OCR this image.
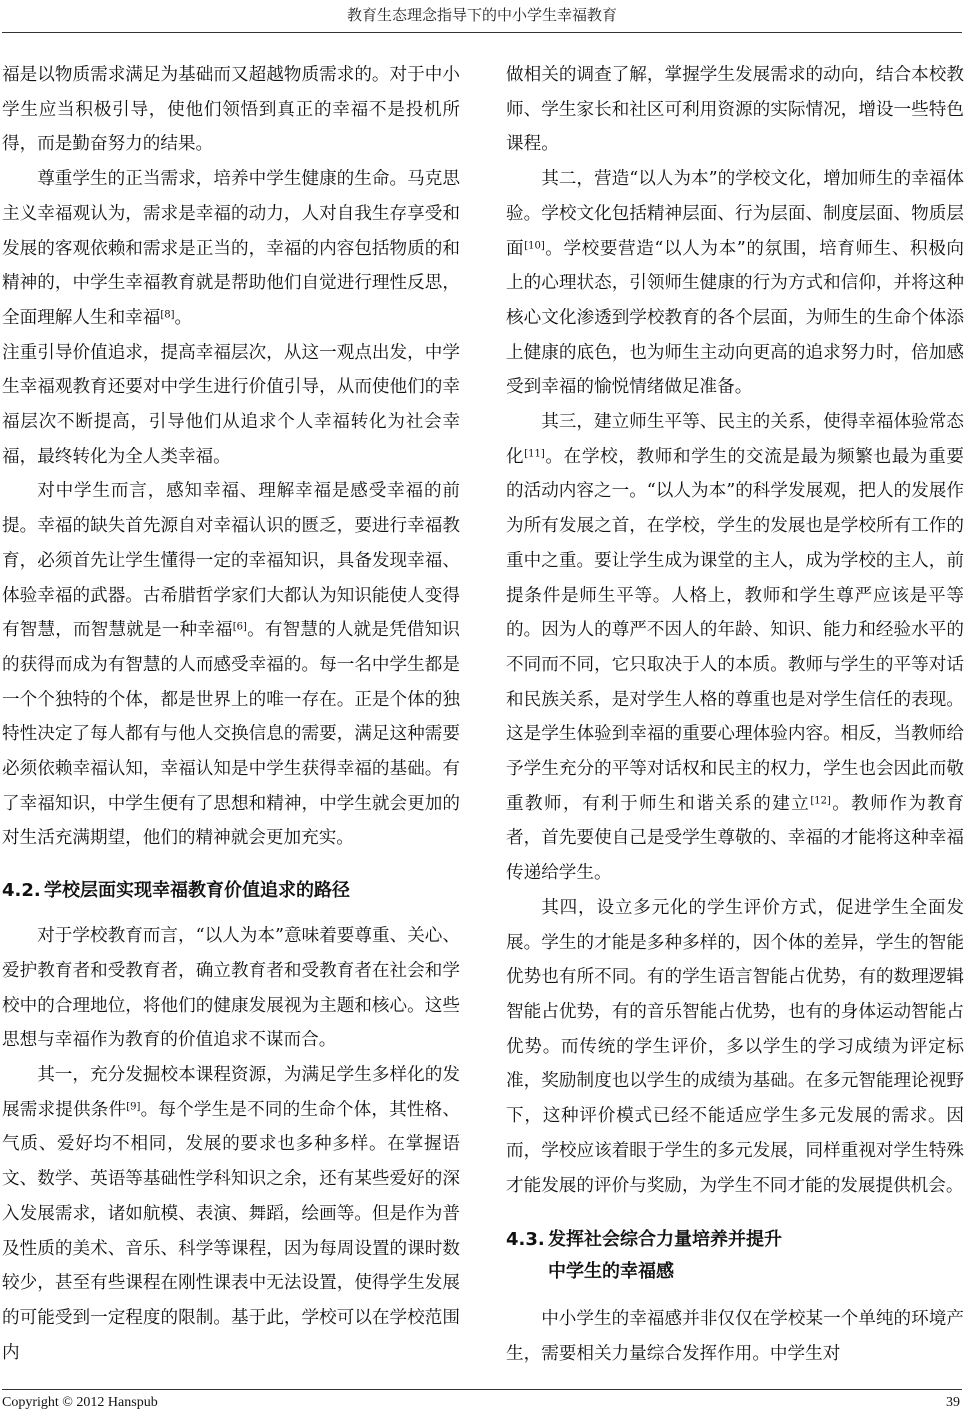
教育生态理念指导下的中小学生幸福教育

福是以物质需求满足为基础而又超越物质需求的。对于中小学生应当积极引导，使他们领悟到真正的幸福不是投机所得，而是勤奋努力的结果。

尊重学生的正当需求，培养中学生健康的生命。马克思主义幸福观认为，需求是幸福的动力，人对自我生存享受和发展的客观依赖和需求是正当的，幸福的内容包括物质的和精神的，中学生幸福教育就是帮助他们自觉进行理性反思，全面理解人生和幸福[8]。

注重引导价值追求，提高幸福层次，从这一观点出发，中学生幸福观教育还要对中学生进行价值引导，从而使他们的幸福层次不断提高，引导他们从追求个人幸福转化为社会幸福，最终转化为全人类幸福。

对中学生而言，感知幸福、理解幸福是感受幸福的前提。幸福的缺失首先源自对幸福认识的匮乏，要进行幸福教育，必须首先让学生懂得一定的幸福知识，具备发现幸福、体验幸福的武器。古希腊哲学家们大都认为知识能使人变得有智慧，而智慧就是一种幸福[6]。有智慧的人就是凭借知识的获得而成为有智慧的人而感受幸福的。每一名中学生都是一个个独特的个体，都是世界上的唯一存在。正是个体的独特性决定了每人都有与他人交换信息的需要，满足这种需要必须依赖幸福认知，幸福认知是中学生获得幸福的基础。有了幸福知识，中学生便有了思想和精神，中学生就会更加的对生活充满期望，他们的精神就会更加充实。

4.2. 学校层面实现幸福教育价值追求的路径

对于学校教育而言，“以人为本”意味着要尊重、关心、爱护教育者和受教育者，确立教育者和受教育者在社会和学校中的合理地位，将他们的健康发展视为主题和核心。这些思想与幸福作为教育的价值追求不谋而合。

其一，充分发掘校本课程资源，为满足学生多样化的发展需求提供条件[9]。每个学生是不同的生命个体，其性格、气质、爱好均不相同，发展的要求也多种多样。在掌握语文、数学、英语等基础性学科知识之余，还有某些爱好的深入发展需求，诸如航模、表演、舞蹈，绘画等。但是作为普及性质的美术、音乐、科学等课程，因为每周设置的课时数较少，甚至有些课程在刚性课表中无法设置，使得学生发展的可能受到一定程度的限制。基于此，学校可以在学校范围内

做相关的调查了解，掌握学生发展需求的动向，结合本校教师、学生家长和社区可利用资源的实际情况，增设一些特色课程。

其二，营造“以人为本”的学校文化，增加师生的幸福体验。学校文化包括精神层面、行为层面、制度层面、物质层面[10]。学校要营造“以人为本”的氛围，培育师生、积极向上的心理状态，引领师生健康的行为方式和信仰，并将这种核心文化渗透到学校教育的各个层面，为师生的生命个体添上健康的底色，也为师生主动向更高的追求努力时，倍加感受到幸福的愉悦情绪做足准备。

其三，建立师生平等、民主的关系，使得幸福体验常态化[11]。在学校，教师和学生的交流是最为频繁也最为重要的活动内容之一。“以人为本”的科学发展观，把人的发展作为所有发展之首，在学校，学生的发展也是学校所有工作的重中之重。要让学生成为课堂的主人，成为学校的主人，前提条件是师生平等。人格上，教师和学生尊严应该是平等的。因为人的尊严不因人的年龄、知识、能力和经验水平的不同而不同，它只取决于人的本质。教师与学生的平等对话和民族关系，是对学生人格的尊重也是对学生信任的表现。这是学生体验到幸福的重要心理体验内容。相反，当教师给予学生充分的平等对话权和民主的权力，学生也会因此而敬重教师，有利于师生和谐关系的建立[12]。教师作为教育者，首先要使自己是受学生尊敬的、幸福的才能将这种幸福传递给学生。

其四，设立多元化的学生评价方式，促进学生全面发展。学生的才能是多种多样的，因个体的差异，学生的智能优势也有所不同。有的学生语言智能占优势，有的数理逻辑智能占优势，有的音乐智能占优势，也有的身体运动智能占优势。而传统的学生评价，多以学生的学习成绩为评定标准，奖励制度也以学生的成绩为基础。在多元智能理论视野下，这种评价模式已经不能适应学生多元发展的需求。因而，学校应该着眼于学生的多元发展，同样重视对学生特殊才能发展的评价与奖励，为学生不同才能的发展提供机会。

4.3. 发挥社会综合力量培养并提升
中学生的幸福感

中小学生的幸福感并非仅仅在学校某一个单纯的环境产生，需要相关力量综合发挥作用。中学生对

Copyright © 2012 Hanspub	39
